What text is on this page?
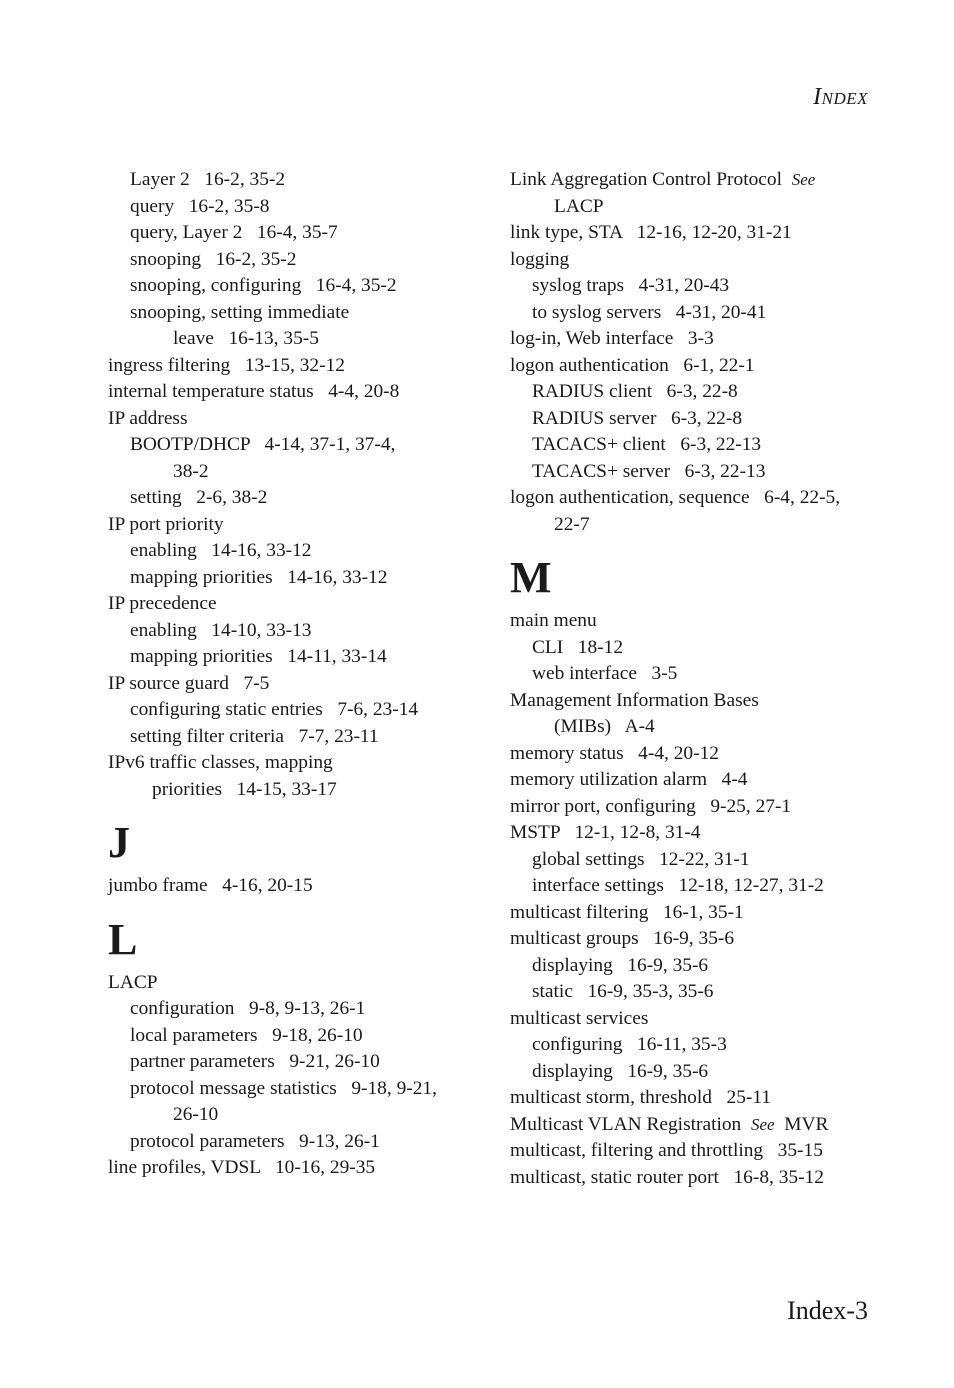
INDEX
Layer 2   16-2, 35-2
query   16-2, 35-8
query, Layer 2   16-4, 35-7
snooping   16-2, 35-2
snooping, configuring   16-4, 35-2
snooping, setting immediate
leave   16-13, 35-5
ingress filtering   13-15, 32-12
internal temperature status   4-4, 20-8
IP address
BOOTP/DHCP   4-14, 37-1, 37-4,
38-2
setting   2-6, 38-2
IP port priority
enabling   14-16, 33-12
mapping priorities   14-16, 33-12
IP precedence
enabling   14-10, 33-13
mapping priorities   14-11, 33-14
IP source guard   7-5
configuring static entries   7-6, 23-14
setting filter criteria   7-7, 23-11
IPv6 traffic classes, mapping
priorities   14-15, 33-17
J
jumbo frame   4-16, 20-15
L
LACP
configuration   9-8, 9-13, 26-1
local parameters   9-18, 26-10
partner parameters   9-21, 26-10
protocol message statistics   9-18, 9-21,
26-10
protocol parameters   9-13, 26-1
line profiles, VDSL   10-16, 29-35
Link Aggregation Control Protocol  See
LACP
link type, STA   12-16, 12-20, 31-21
logging
syslog traps   4-31, 20-43
to syslog servers   4-31, 20-41
log-in, Web interface   3-3
logon authentication   6-1, 22-1
RADIUS client   6-3, 22-8
RADIUS server   6-3, 22-8
TACACS+ client   6-3, 22-13
TACACS+ server   6-3, 22-13
logon authentication, sequence   6-4, 22-5,
22-7
M
main menu
CLI   18-12
web interface   3-5
Management Information Bases
(MIBs)   A-4
memory status   4-4, 20-12
memory utilization alarm   4-4
mirror port, configuring   9-25, 27-1
MSTP   12-1, 12-8, 31-4
global settings   12-22, 31-1
interface settings   12-18, 12-27, 31-2
multicast filtering   16-1, 35-1
multicast groups   16-9, 35-6
displaying   16-9, 35-6
static   16-9, 35-3, 35-6
multicast services
configuring   16-11, 35-3
displaying   16-9, 35-6
multicast storm, threshold   25-11
Multicast VLAN Registration  See  MVR
multicast, filtering and throttling   35-15
multicast, static router port   16-8, 35-12
Index-3
